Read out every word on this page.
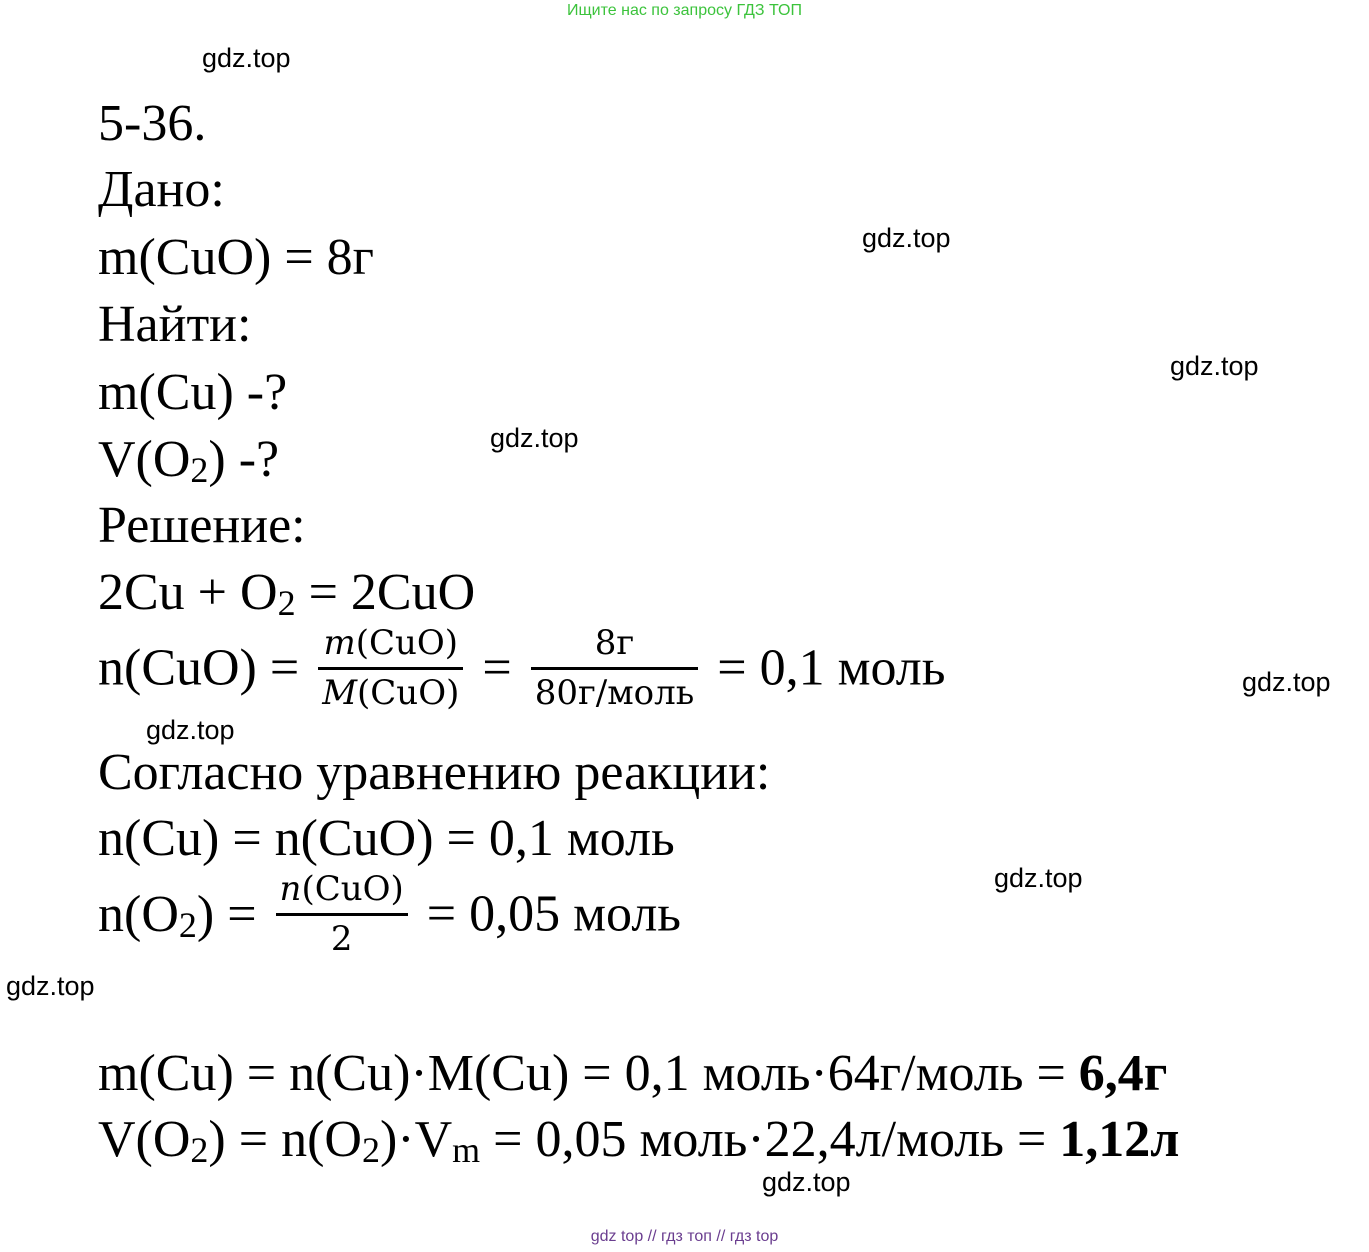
Ищите нас по запросу ГДЗ ТОП
gdz.top
gdz.top
gdz.top
gdz.top
gdz.top
gdz.top
gdz.top
gdz.top
gdz.top
5-36.
Дано:
m(CuO) = 8г
Найти:
m(Cu) -?
$V(O_2)$ -?
Решение:
$2Cu + O_2 = 2CuO$
$n(CuO) = \frac{\text{m(CuO)}}{\text{M(CuO)}} = \frac{8г}{\text{80г/моль}} = 0,1$ моль
Согласно уравнению реакции:
n(Cu) = n(CuO) = 0,1 моль
$n(O_2) = \frac{\text{n(CuO)}}{2} = 0,05$ моль
m(Cu) = n(Cu)·M(Cu) = 0,1 моль·64г/моль = 6,4г
$V(O_2) = n(O_2)\cdot V_m = 0,05$ моль·22,4л/моль = 1,12л
gdz top // гдз топ // гдз top
